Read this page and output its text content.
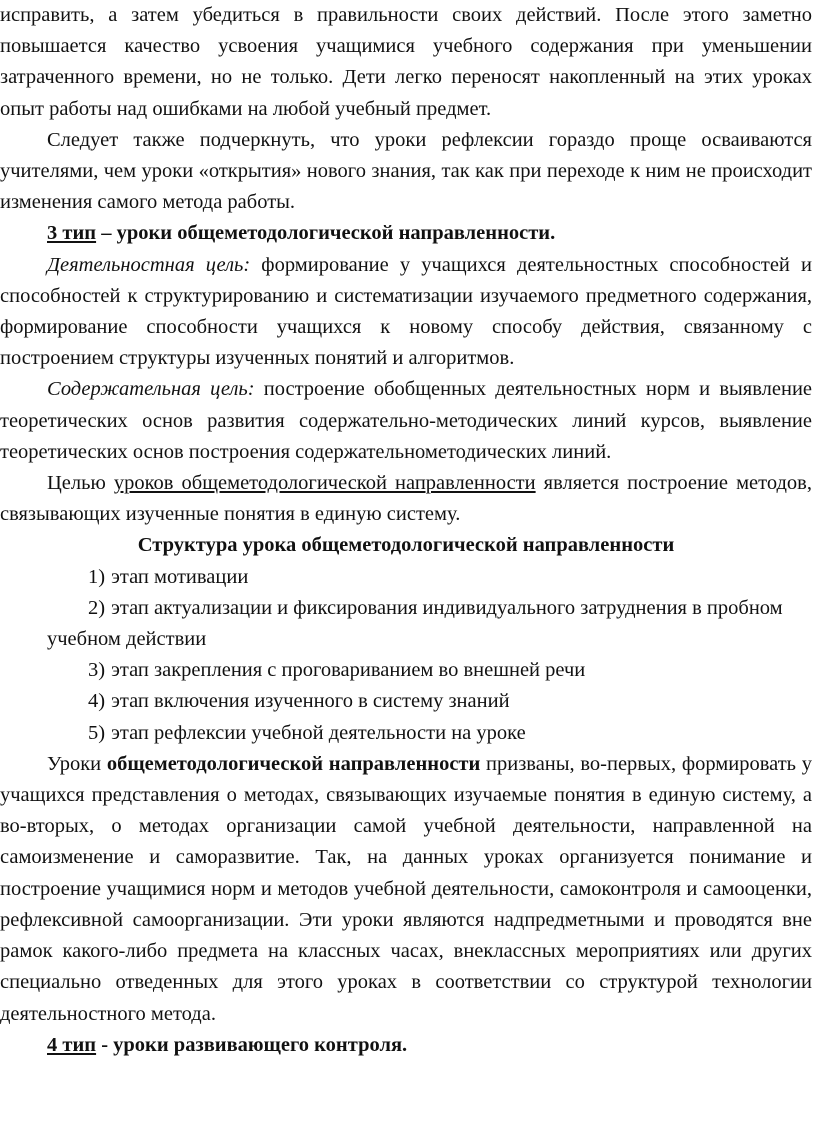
исправить, а затем убедиться в правильности своих действий. После этого заметно повышается качество усвоения учащимися учебного содержания при уменьшении затраченного времени, но не только. Дети легко переносят накопленный на этих уроках опыт работы над ошибками на любой учебный предмет.

Следует также подчеркнуть, что уроки рефлексии гораздо проще осваиваются учителями, чем уроки «открытия» нового знания, так как при переходе к ним не происходит изменения самого метода работы.

3 тип – уроки общеметодологической направленности.

Деятельностная цель: формирование у учащихся деятельностных способностей и способностей к структурированию и систематизации изучаемого предметного содержания, формирование способности учащихся к новому способу действия, связанному с построением структуры изученных понятий и алгоритмов.

Содержательная цель: построение обобщенных деятельностных норм и выявление теоретических основ развития содержательно-методических линий курсов, выявление теоретических основ построения содержательнометодических линий.

Целью уроков общеметодологической направленности является построение методов, связывающих изученные понятия в единую систему.

Структура урока общеметодологической направленности

1) этап мотивации

2) этап актуализации и фиксирования индивидуального затруднения в пробном учебном действии

3) этап закрепления с проговариванием во внешней речи

4) этап включения изученного в систему знаний

5) этап рефлексии учебной деятельности на уроке

Уроки общеметодологической направленности призваны, во-первых, формировать у учащихся представления о методах, связывающих изучаемые понятия в единую систему, а во-вторых, о методах организации самой учебной деятельности, направленной на самоизменение и саморазвитие. Так, на данных уроках организуется понимание и построение учащимися норм и методов учебной деятельности, самоконтроля и самооценки, рефлексивной самоорганизации. Эти уроки являются надпредметными и проводятся вне рамок какого-либо предмета на классных часах, внеклассных мероприятиях или других специально отведенных для этого уроках в соответствии со структурой технологии деятельностного метода.

4 тип - уроки развивающего контроля.
